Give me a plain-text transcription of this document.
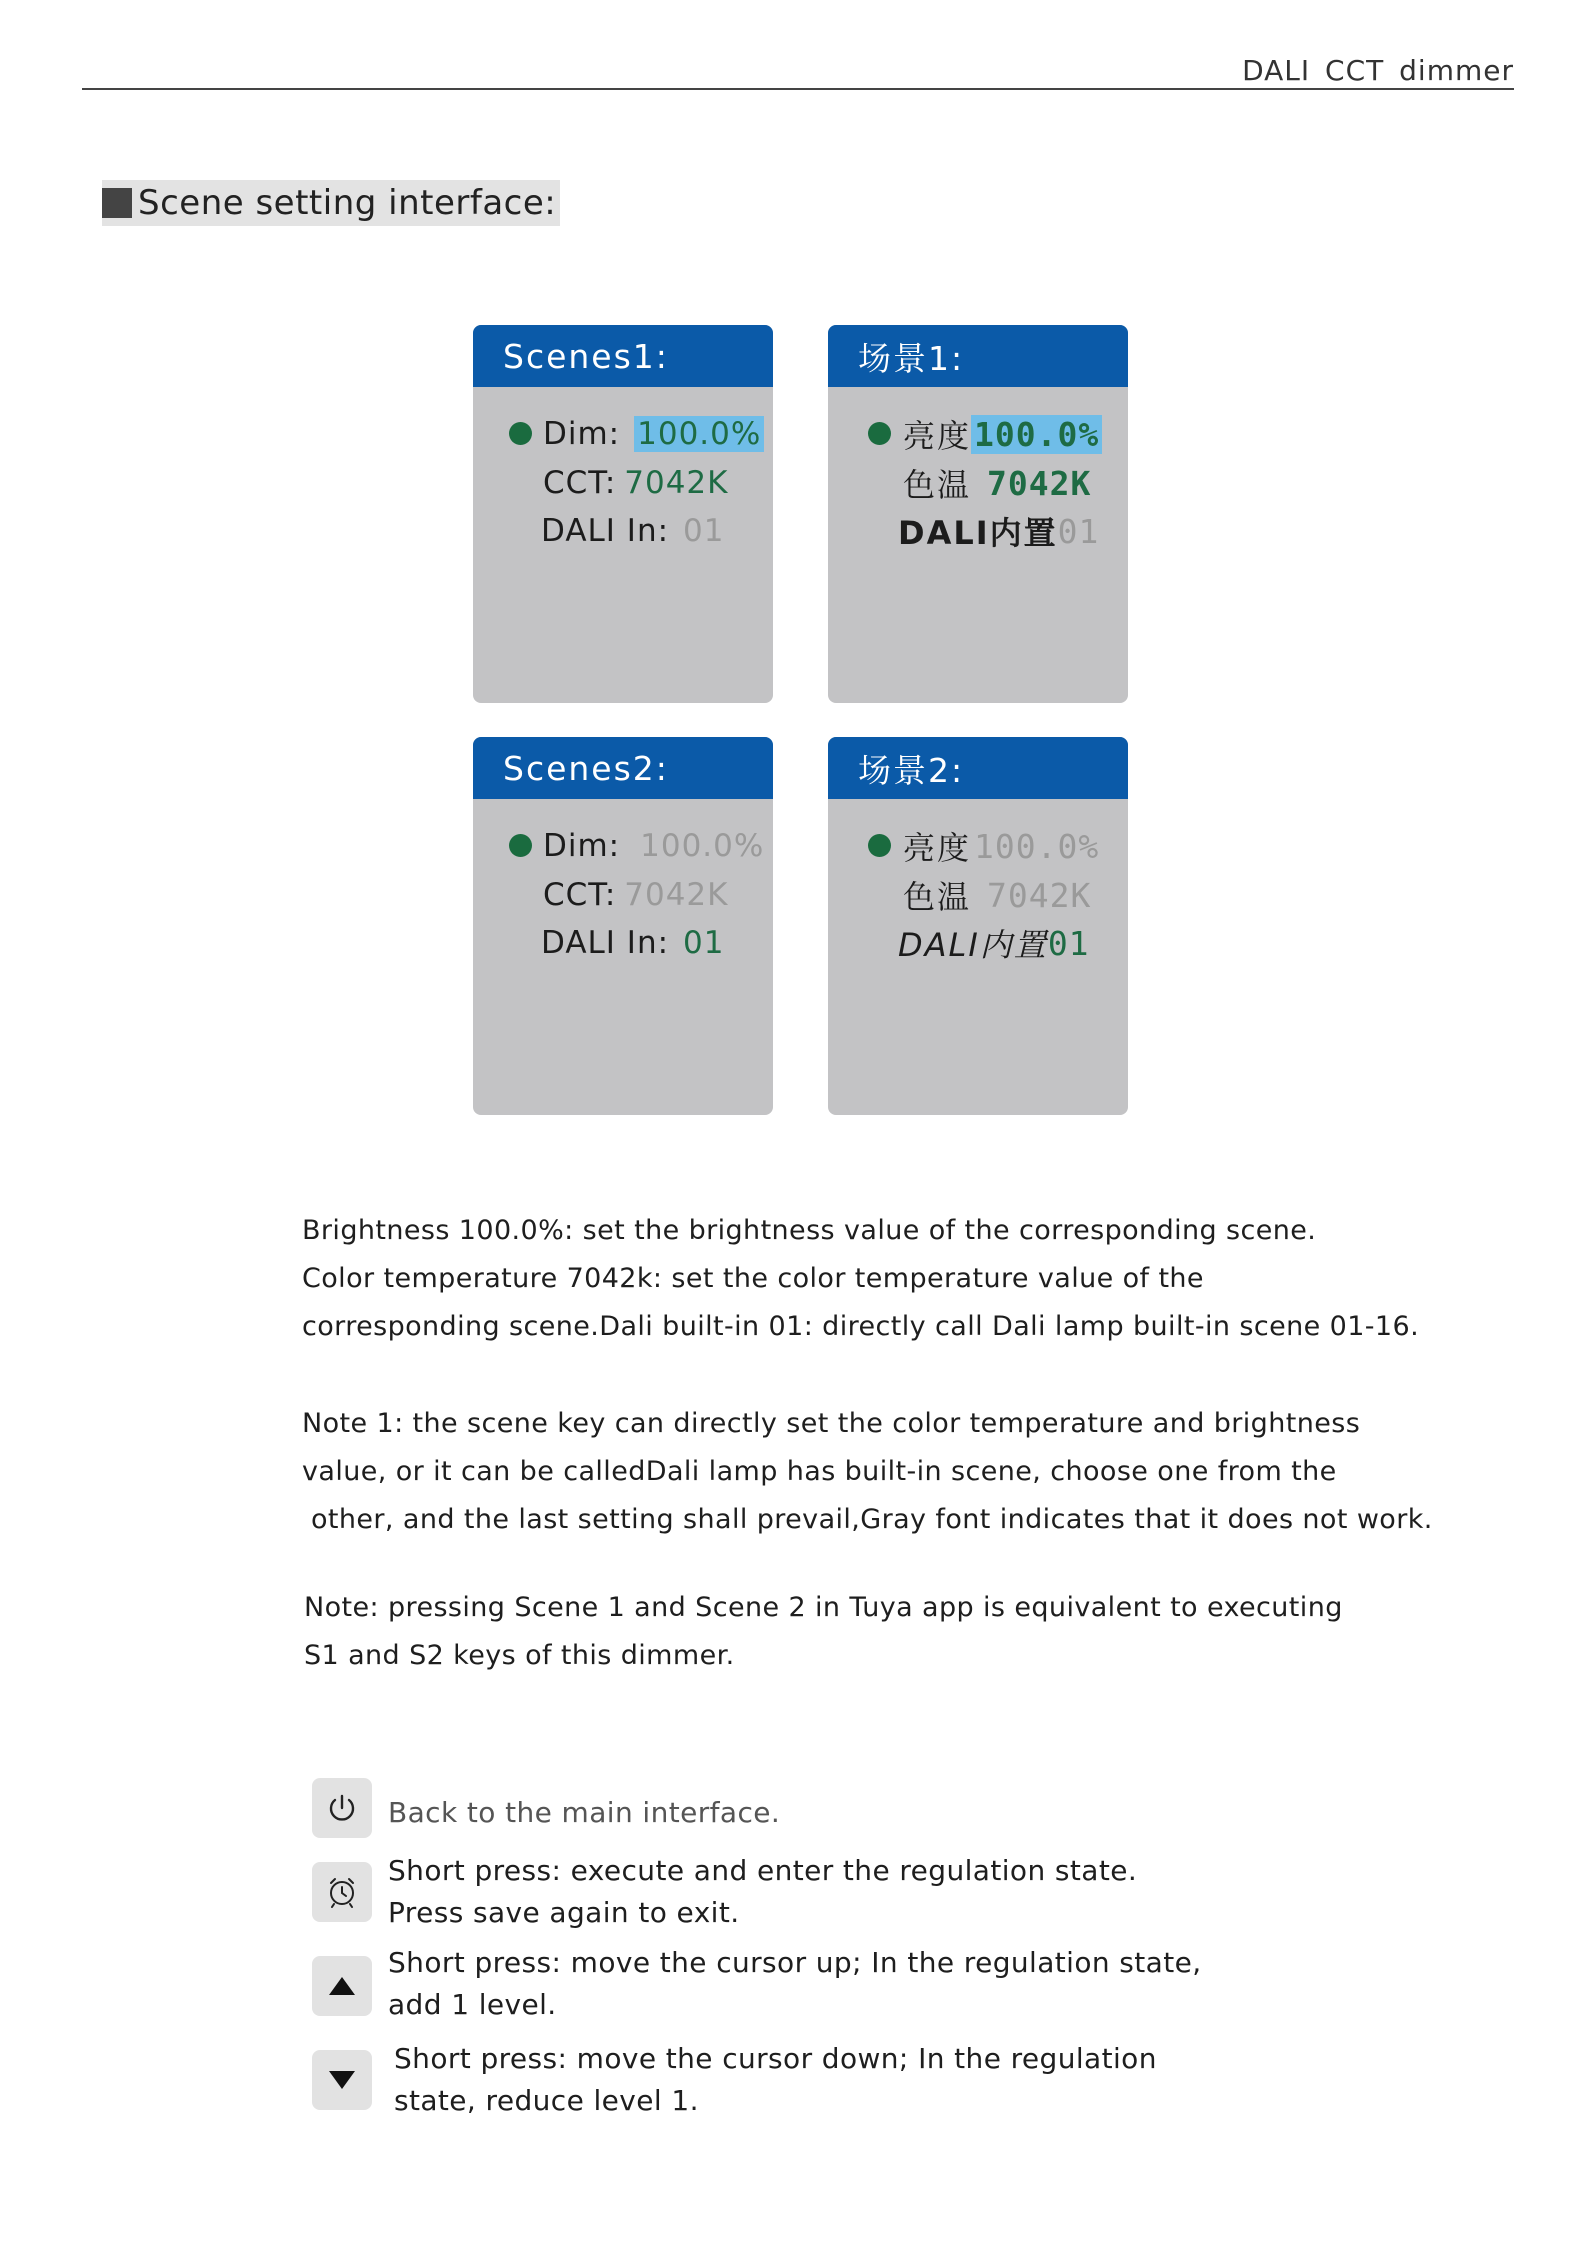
DALI CCT dimmer
Scene setting interface:
Scenes1:
Dim: 100.0%
CCT: 7042K
DALI In: 01
场景1:
亮度 100.0%
色温 7042K
DALI内置 01
Scenes2:
Dim: 100.0%
CCT: 7042K
DALI In: 01
场景2:
亮度 100.0%
色温 7042K
DALI内置 01

Brightness 100.0%: set the brightness value of the corresponding scene.

Color temperature 7042k: set the color temperature value of the

corresponding scene.Dali built-in 01: directly call Dali lamp built-in scene 01-16.

Note 1: the scene key can directly set the color temperature and brightness

value, or it can be calledDali lamp has built-in scene, choose one from the

other, and the last setting shall prevail,Gray font indicates that it does not work.

Note: pressing Scene 1 and Scene 2 in Tuya app is equivalent to executing

S1 and S2 keys of this dimmer.

Back to the main interface.

Short press: execute and enter the regulation state.

Press save again to exit.

Short press: move the cursor up; In the regulation state,

add 1 level.

Short press: move the cursor down; In the regulation

state, reduce level 1.
